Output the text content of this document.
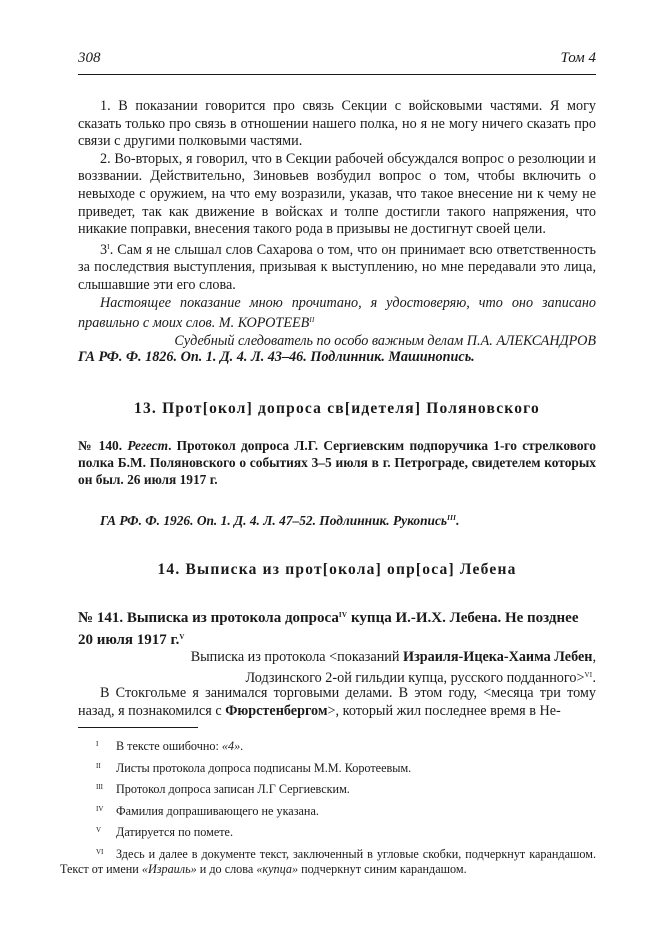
308	Том 4

1. В показании говорится про связь Секции с войсковыми частями. Я могу сказать только про связь в отношении нашего полка, но я не могу ничего сказать про связи с другими полковыми частями.

2. Во-вторых, я говорил, что в Секции рабочей обсуждался вопрос о резолюции и воззвании. Действительно, Зиновьев возбудил вопрос о том, чтобы включить о невыходе с оружием, на что ему возразили, указав, что такое внесение ни к чему не приведет, так как движение в войсках и толпе достигли такого напряжения, что никакие поправки, внесения такого рода в призывы не достигнут своей цели.

$3^I$. Сам я не слышал слов Сахарова о том, что он принимает всю ответственность за последствия выступления, призывая к выступлению, но мне передавали это лица, слышавшие эти его слова.

Настоящее показание мною прочитано, я удостоверяю, что оно записано правильно с моих слов. М. $КОРОТЕЕВ^{II}$

Судебный следователь по особо важным делам П.А. АЛЕКСАНДРОВ
ГА РФ. Ф. 1826. Оп. 1. Д. 4. Л. 43–46. Подлинник. Машинопись.
13. Прот[окол] допроса св[идетеля] Поляновского
№ 140. Регест. Протокол допроса Л.Г. Сергиевским подпоручика 1-го стрелкового полка Б.М. Поляновского о событиях 3–5 июля в г. Петрограде, свидетелем которых он был. 26 июля 1917 г.
ГА РФ. Ф. 1926. Оп. 1. Д. 4. Л. 47–52. Подлинник. Рукопись$^{III}$.
14. Выписка из прот[окола] опр[оса] Лебена
№ 141. Выписка из протокола допроса$^{IV}$ купца И.-И.Х. Лебена. Не позднее 20 июля 1917 г.$^V$
Выписка из протокола <показаний Израиля-Ицека-Хаима Лебен,
Лодзинского 2-ой гильдии купца, русского подданного>$^{VI}$.

В Стокгольме я занимался торговыми делами. В этом году, <месяца три тому назад, я познакомился с Фюрстенбергом>, который жил последнее время в Не-

I В тексте ошибочно: «4».
II Листы протокола допроса подписаны М.М. Коротеевым.
III Протокол допроса записан Л.Г Сергиевским.
IV Фамилия допрашивающего не указана.
V Датируется по помете.
VI Здесь и далее в документе текст, заключенный в угловые скобки, подчеркнут карандашом. Текст от имени «Израиль» и до слова «купца» подчеркнут синим карандашом.
